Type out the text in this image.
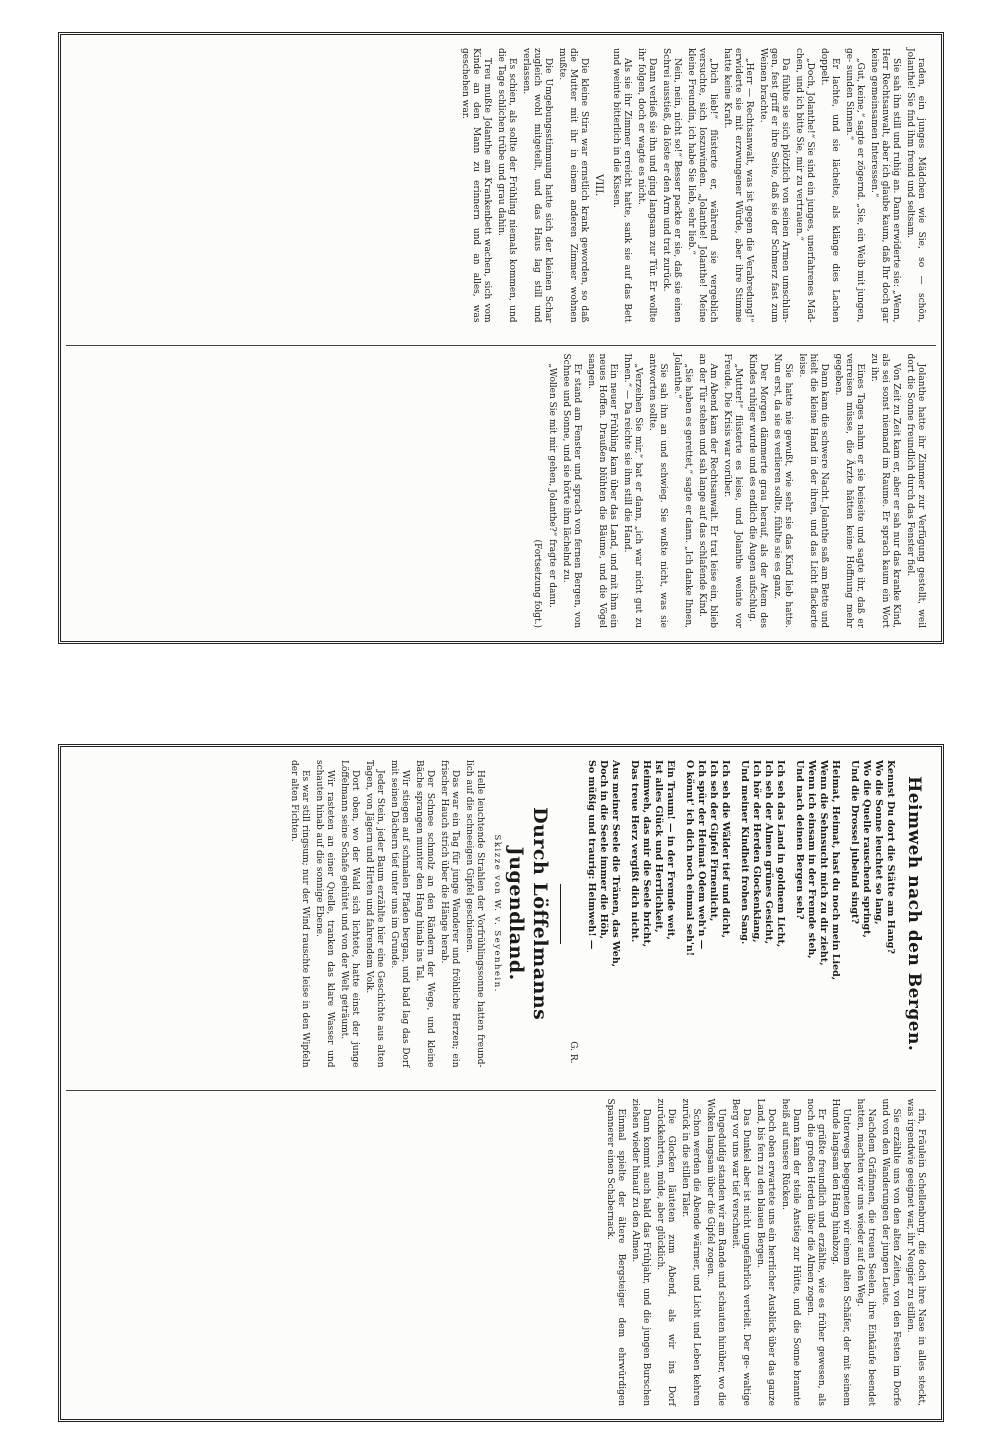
raden, ein junges Mädchen wie Sie, so — schön, Jolanthe! Sie find ihm fremd und seltsam.

Sie sah ihn still und ruhig an. Dann erwiderte sie: „Wenn, Herr Rechtsanwalt, aber ich glaube kaum, daß Ihr doch gar keine gemeinsamen Interessen.“

„Gut, keine,“ sagte er zögernd. „Sie, ein Weib mit jungen, ge- sunden Sinnen.“

Er lachte, und sie lächelte, als klänge dies Lachen doppelt.

„Doch, Jolanthe!“ Sie sind ein junges, unerfahrenes Mäd- chen, und ich bitte Sie, mir zu vertrauen.“

Da fühlte sie sich plötzlich von seinen Armen umschlun- gen, fest griff er ihre Seite, daß sie der Schmerz fast zum Weinen brachte.

„Herr — Rechtsanwalt, was ist gegen die Verabredung!“ erwiderte sie mit erzwungener Würde, aber ihre Stimme hatte keine Kraft.

„Dich lieb!“ flüsterte er, während sie vergeblich versuchte, sich loszuwinden. „Jolanthe! Jolanthe! Meine kleine Freundin, ich habe Sie lieb, sehr lieb.“

Nein, nein, nicht so!“ Besser packte er sie, daß sie einen Schrei ausstieß, da löste er den Arm und trat zurück.

Dann verließ sie ihn und ging langsam zur Tür. Er wollte ihr folgen, doch er wagte es nicht.

Als sie ihr Zimmer erreicht hatte, sank sie auf das Bett und weinte bitterlich in die Kissen.

VIII.

Die kleine Stira war ernstlich krank geworden, so daß die Mutter mit ihr in einem anderen Zimmer wohnen mußte.

Die Umgebungsstimmung hatte sich der kleinen Schar zugleich wohl mitgeteilt, und das Haus lag still und verlassen.

Es schien, als sollte der Frühling niemals kommen, und die Tage schlichen trübe und grau dahin.

Treu mußte Jolanthe am Krankenbett wachen, sich vom Kinde an den Mann zu erinnern und an alles, was geschehen war.

Jolanthe hatte ihr Zimmer zur Verfügung gestellt, weil dort die Sonne freundlich durch das Fenster fiel.

Von Zeit zu Zeit kam er, aber er sah nur das kranke Kind, als sei sonst niemand im Raume. Er sprach kaum ein Wort zu ihr.

Eines Tages nahm er sie beiseite und sagte ihr, daß er verreisen müsse, die Ärzte hätten keine Hoffnung mehr gegeben.

Dann kam die schwere Nacht. Jolanthe saß am Bette und hielt die kleine Hand in der ihren, und das Licht flackerte leise.

Sie hatte nie gewußt, wie sehr sie das Kind lieb hatte. Nun erst, da sie es verlieren sollte, fühlte sie es ganz.

Der Morgen dämmerte grau herauf, als der Atem des Kindes ruhiger wurde und es endlich die Augen aufschlug.

„Mutter!“ flüsterte es leise, und Jolanthe weinte vor Freude. Die Krisis war vorüber.

Am Abend kam der Rechtsanwalt. Er trat leise ein, blieb an der Tür stehen und sah lange auf das schlafende Kind.

„Sie haben es gerettet,“ sagte er dann. „Ich danke Ihnen, Jolanthe.“

Sie sah ihn an und schwieg. Sie wußte nicht, was sie antworten sollte.

„Verzeihen Sie mir,“ bat er dann, „ich war nicht gut zu Ihnen.“ — Da reichte sie ihm still die Hand.

Ein neuer Frühling kam über das Land, und mit ihm ein neues Hoffen. Draußen blühten die Bäume, und die Vögel sangen.

Er stand am Fenster und sprach von fernen Bergen, von Schnee und Sonne, und sie hörte ihm lächelnd zu.

„Wollen Sie mit mir gehen, Jolanthe?“ fragte er dann.

(Fortsetzung folgt.)
Heimweh nach den Bergen.
Kennst Du dort die Stätte am Hang?
Wo die Sonne leuchtet so lang,
Wo die Quelle rauschend springt,
Und die Drossel jubelnd singt?
Heimat, Heimat, hast du noch mein Lied,
Wenn die Sehnsucht mich zu dir zieht,
Wenn ich einsam in der Fremde steh,
Und nach deinen Bergen seh?
Ich seh das Land in goldnem Licht,
Ich seh der Almen grünes Gesicht,
Ich hör der Herden Glockenklang,
Und meiner Kindheit frohen Sang.
Ich seh die Wälder tief und dicht,
Ich seh der Gipfel Firnenlicht,
Ich spür der Heimat Odem weh'n —
O könnt' ich dich noch einmal seh'n!
Ein Traum! — in der Fremde weit,
Ist alles Glück und Herrlichkeit,
Heimweh, das mir die Seele bricht,
Das treue Herz vergißt dich nicht.
Aus meiner Seele die Tränen, das Weh,
Doch in die Seele immer die Höh,
So müßig und traurig: Heimweh! —
G. R.
Durch Löffelmanns Jugendland.
Skizze von W. v. Seyenhein.

Helle leuchtende Strahlen der Vorfrühlingssonne hatten freund- lich auf die schneeigen Gipfel geschienen.

Das war ein Tag für junge Wanderer und fröhliche Herzen; ein frischer Hauch strich über die Hänge herab.

Der Schnee schmolz an den Rändern der Wege, und kleine Bäche sprangen munter den Hang hinab ins Tal.

Wir stiegen auf schmalen Pfaden bergan, und bald lag das Dorf mit seinen Dächern tief unter uns im Grunde.

Jeder Stein, jeder Baum erzählte hier eine Geschichte aus alten Tagen, von Jägern und Hirten und fahrendem Volk.

Dort oben, wo der Wald sich lichtete, hatte einst der junge Löffelmann seine Schafe gehütet und von der Welt geträumt.

Wir rasteten an einer Quelle, tranken das klare Wasser und schauten hinab auf die sonnige Ebene.

Es war still ringsum; nur der Wind rauschte leise in den Wipfeln der alten Fichten.

rin, Fräulein Schellenburg, die doch ihre Nase in alles steckt, was irgendwie geeignet war, ihr Neugier zu stillen.

Sie erzählte uns von den alten Zeiten, von den Festen im Dorfe und von den Wanderungen der jungen Leute.

Nachdem Gräfinnen, die treuen Seelen, ihre Einkäufe beendet hatten, machten wir uns wieder auf den Weg.

Unterwegs begegneten wir einem alten Schäfer, der mit seinem Hunde langsam den Hang hinabzog.

Er grüßte freundlich und erzählte, wie es früher gewesen, als noch die großen Herden über die Almen zogen.

Dann kam der steile Anstieg zur Hütte, und die Sonne brannte heiß auf unsere Rücken.

Doch oben erwartete uns ein herrlicher Ausblick über das ganze Land, bis fern zu den blauen Bergen.

Das Dunkel aber ist nicht ungefährlich verteilt. Der ge- waltige Berg vor uns war tief verschneit.

Ungeduldig standen wir am Rande und schauten hinüber, wo die Wolken langsam über die Gipfel zogen.

Schon werden die Abende wärmer, und Licht und Leben kehren zurück in die stillen Täler.

Die Glocken läuteten zum Abend, als wir ins Dorf zurückkehrten, müde, aber glücklich.

Dann kommt auch bald das Frühjahr, und die jungen Burschen ziehen wieder hinauf zu den Almen.

Einmal spielte der ältere Bergsteiger dem ehrwürdigen Spannerer einen Schabernack.
